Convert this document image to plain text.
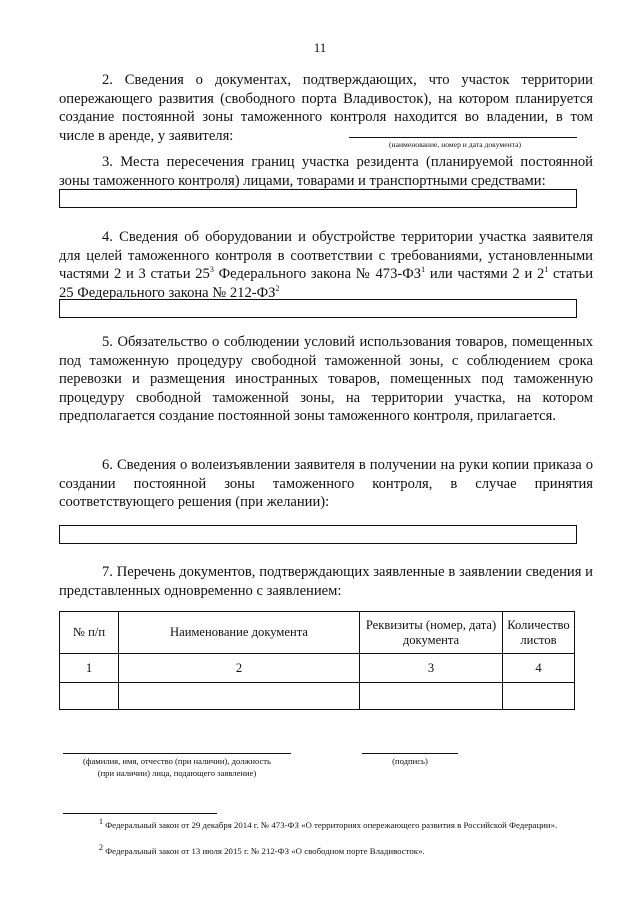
11

2. Сведения о документах, подтверждающих, что участок территории опережающего развития (свободного порта Владивосток), на котором планируется создание постоянной зоны таможенного контроля находится во владении, в том числе в аренде, у заявителя:

(наименование, номер и дата документа)

3. Места пересечения границ участка резидента (планируемой постоянной зоны таможенного контроля) лицами, товарами и транспортными средствами:

4. Сведения об оборудовании и обустройстве территории участка заявителя для целей таможенного контроля в соответствии с требованиями, установленными частями 2 и 3 статьи $25^3$ Федерального закона № $473-ФЗ^1$ или частями 2 и $2^1$ статьи 25 Федерального закона № $212-ФЗ^2$

5. Обязательство о соблюдении условий использования товаров, помещенных под таможенную процедуру свободной таможенной зоны, с соблюдением срока перевозки и размещения иностранных товаров, помещенных под таможенную процедуру свободной таможенной зоны, на территории участка, на котором предполагается создание постоянной зоны таможенного контроля, прилагается.

6. Сведения о волеизъявлении заявителя в получении на руки копии приказа о создании постоянной зоны таможенного контроля, в случае принятия соответствующего решения (при желании):

7. Перечень документов, подтверждающих заявленные в заявлении сведения и представленных одновременно с заявлением:

№ п/п	Наименование документа	Реквизиты (номер, дата) документа	Количество листов
1	2	3	4

(фамилия, имя, отчество (при наличии), должность
(при наличии) лица, подающего заявление)
(подпись)
$^1$ Федеральный закон от 29 декабря 2014 г. № 473-ФЗ «О территориях опережающего развития в Российской Федерации».
$^2$ Федеральный закон от 13 июля 2015 г. № 212-ФЗ «О свободном порте Владивосток».
